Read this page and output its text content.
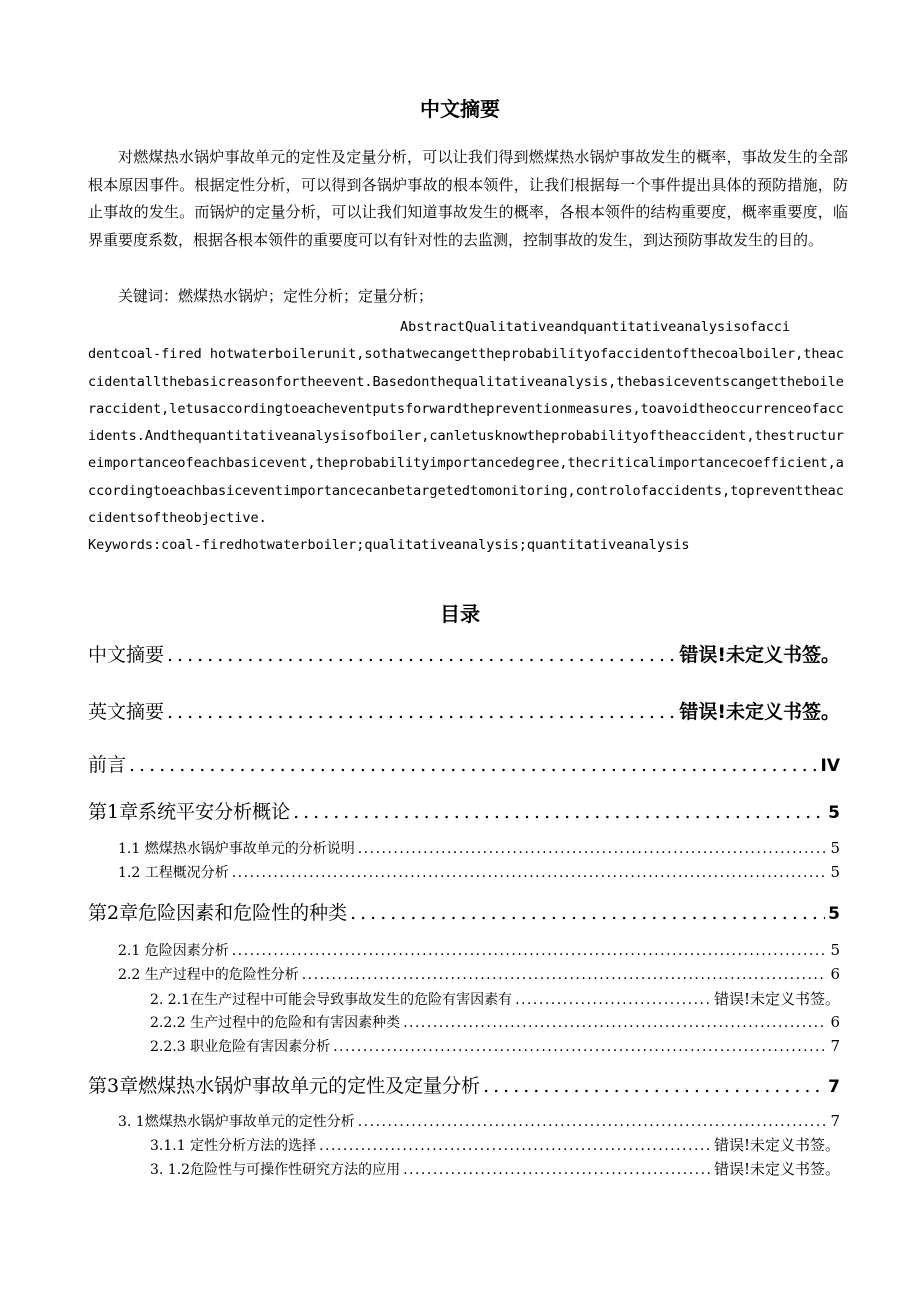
中文摘要
对燃煤热水锅炉事故单元的定性及定量分析，可以让我们得到燃煤热水锅炉事故发生的概率，事故发生的全部根本原因事件。根据定性分析，可以得到各锅炉事故的根本领件，让我们根据每一个事件提出具体的预防措施，防止事故的发生。而锅炉的定量分析，可以让我们知道事故发生的概率，各根本领件的结构重要度，概率重要度，临界重要度系数，根据各根本领件的重要度可以有针对性的去监测，控制事故的发生，到达预防事故发生的目的。
关键词：燃煤热水锅炉；定性分析；定量分析；
AbstractQualitativeandquantitativeanalysisofacci
dentcoal-fired hotwaterboilerunit,sothatwecangettheprobabilityofaccidentofthecoalboiler,theaccidentallthebasicreasonfortheevent.Basedonthequalitativeanalysis,thebasiceventscangettheboileraccident,letusaccordingtoeacheventputsforwardthepreventionmeasures,toavoidtheoccurrenceofaccidents.Andthequantitativeanalysisofboiler,canletusknowtheprobabilityoftheaccident,thestructureimportanceofeachbasicevent,theprobabilityimportancedegree,thecriticalimportancecoefficient,accordingtoeachbasiceventimportancecanbetargetedtomonitoring,controlofaccidents,topreventtheaccidentsoftheobjective.
Keywords:coal-firedhotwaterboiler;qualitativeanalysis;quantitativeanalysis
目录
中文摘要 .....	错误!未定义书签。
英文摘要 .....	错误!未定义书签。
前言 .....	IV
第1章系统平安分析概论 .....	5
1.1 燃煤热水锅炉事故单元的分析说明 .....	5
1.2 工程概况分析 .....	5
第2章危险因素和危险性的种类 .....	5
2.1 危险因素分析 .....	5
2.2 生产过程中的危险性分析 .....	6
2. 2.1在生产过程中可能会导致事故发生的危险有害因素有 .....	错误!未定义书签。
2.2.2 生产过程中的危险和有害因素种类 .....	6
2.2.3 职业危险有害因素分析 .....	7
第3章燃煤热水锅炉事故单元的定性及定量分析 .....	7
3. 1燃煤热水锅炉事故单元的定性分析 .....	7
3.1.1 定性分析方法的选择 .....	错误!未定义书签。
3. 1.2危险性与可操作性研究方法的应用 .....	错误!未定义书签。
